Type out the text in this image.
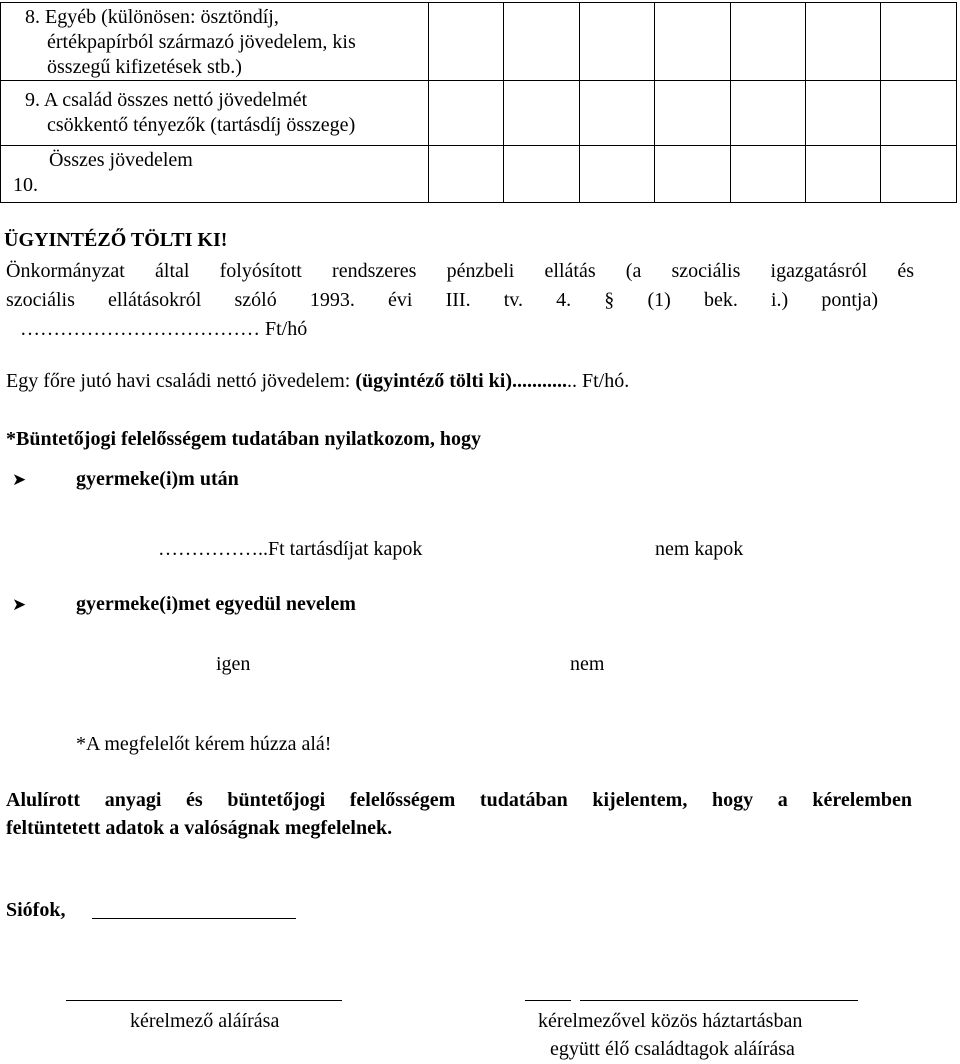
8. Egyéb (különösen: ösztöndíj,
értékpapírból származó jövedelem, kis
összegű kifizetések stb.)							

9. A család összes nettó jövedelmét
csökkentő tényezők (tartásdíj összege)							

Összes jövedelem
10.							

ÜGYINTÉZŐ TÖLTI KI!
Önkormányzat által folyósított rendszeres pénzbeli ellátás (a szociális igazgatásról és
szociális ellátásokról szóló 1993. évi III. tv. 4. § (1) bek. i.) pontja)
……………………………… Ft/hó
Egy főre jutó havi családi nettó jövedelem: (ügyintéző tölti ki)............. Ft/hó.
*Büntetőjogi felelősségem tudatában nyilatkozom, hogy
➤ gyermeke(i)m után
……………..Ft tartásdíjat kapok	nem kapok
➤ gyermeke(i)met egyedül nevelem
igen	nem
*A megfelelőt kérem húzza alá!
Alulírott anyagi és büntetőjogi felelősségem tudatában kijelentem, hogy a kérelemben
feltüntetett adatok a valóságnak megfelelnek.
Siófok,
kérelmező aláírása	kérelmezővel közös háztartásban
együtt élő családtagok aláírása
